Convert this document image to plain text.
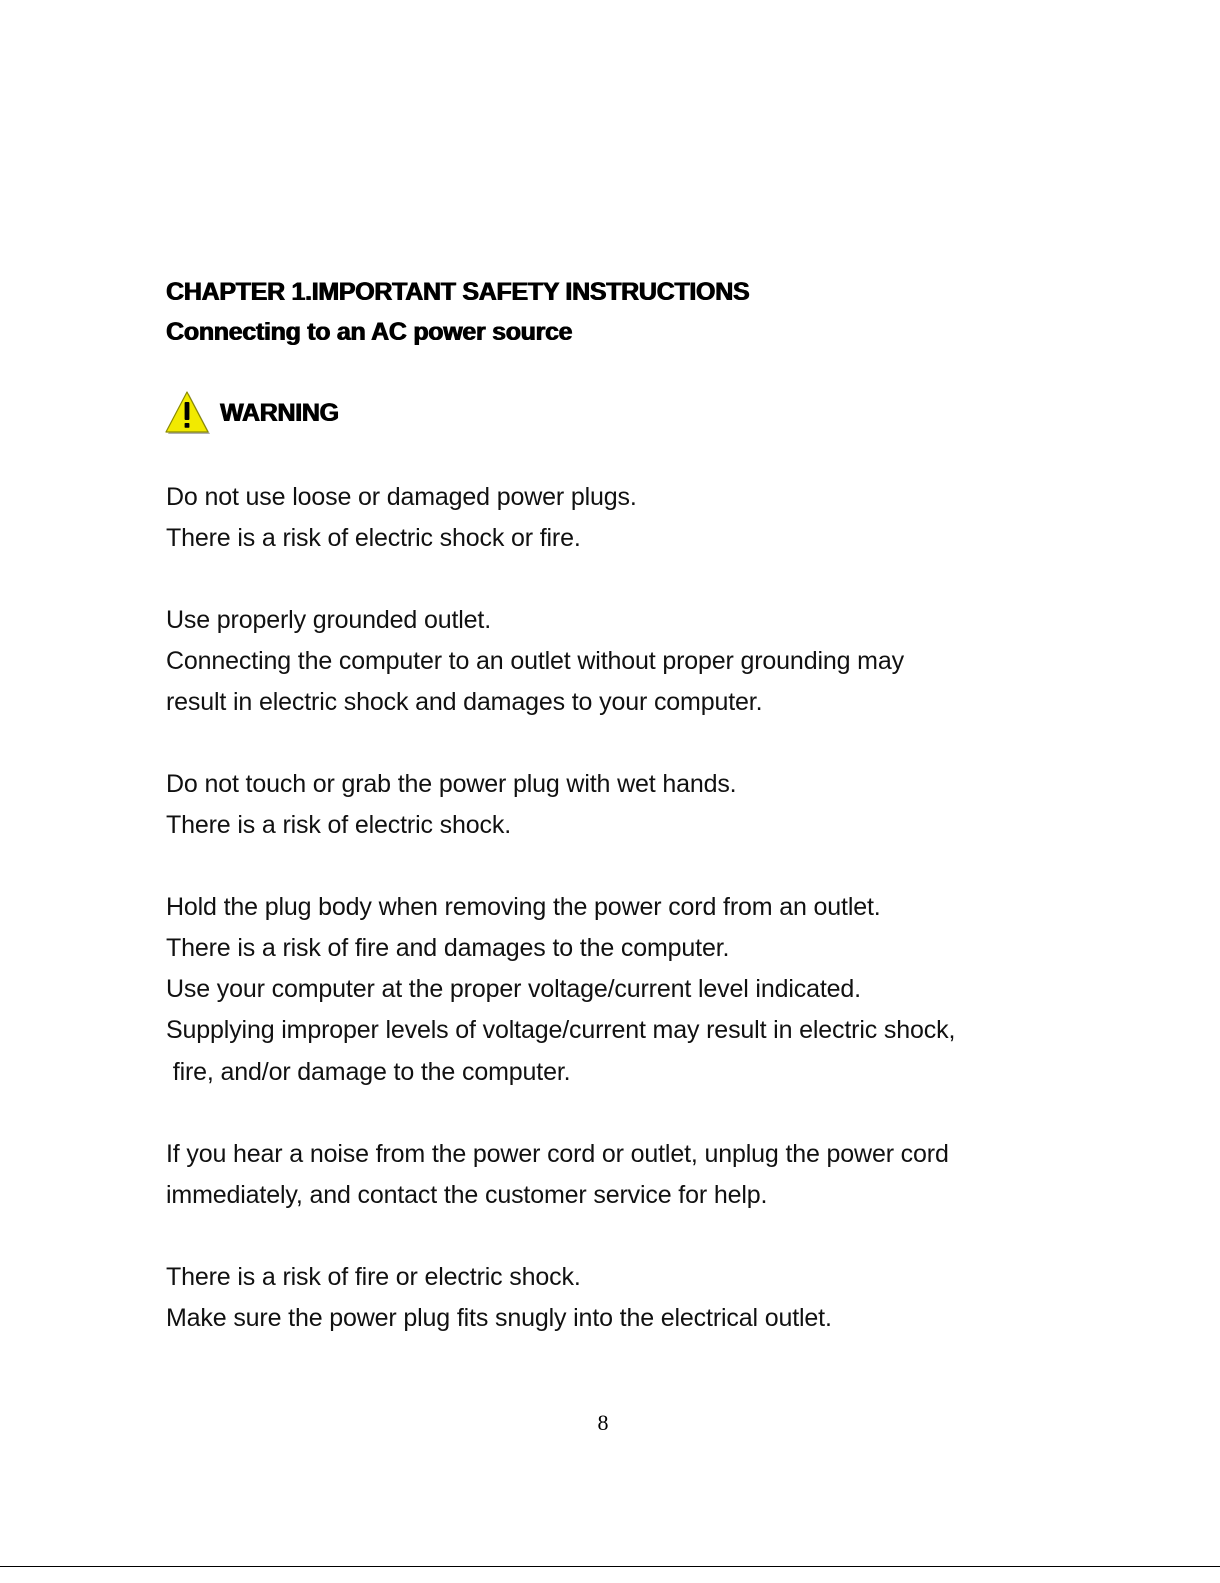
CHAPTER 1.IMPORTANT SAFETY INSTRUCTIONS
Connecting to an AC power source
WARNING
Do not use loose or damaged power plugs.
There is a risk of electric shock or fire.
Use properly grounded outlet.
Connecting the computer to an outlet without proper grounding may
result in electric shock and damages to your computer.
Do not touch or grab the power plug with wet hands.
There is a risk of electric shock.
Hold the plug body when removing the power cord from an outlet.
There is a risk of fire and damages to the computer.
Use your computer at the proper voltage/current level indicated.
Supplying improper levels of voltage/current may result in electric shock,
fire, and/or damage to the computer.
If you hear a noise from the power cord or outlet, unplug the power cord
immediately, and contact the customer service for help.
There is a risk of fire or electric shock.
Make sure the power plug fits snugly into the electrical outlet.
8
